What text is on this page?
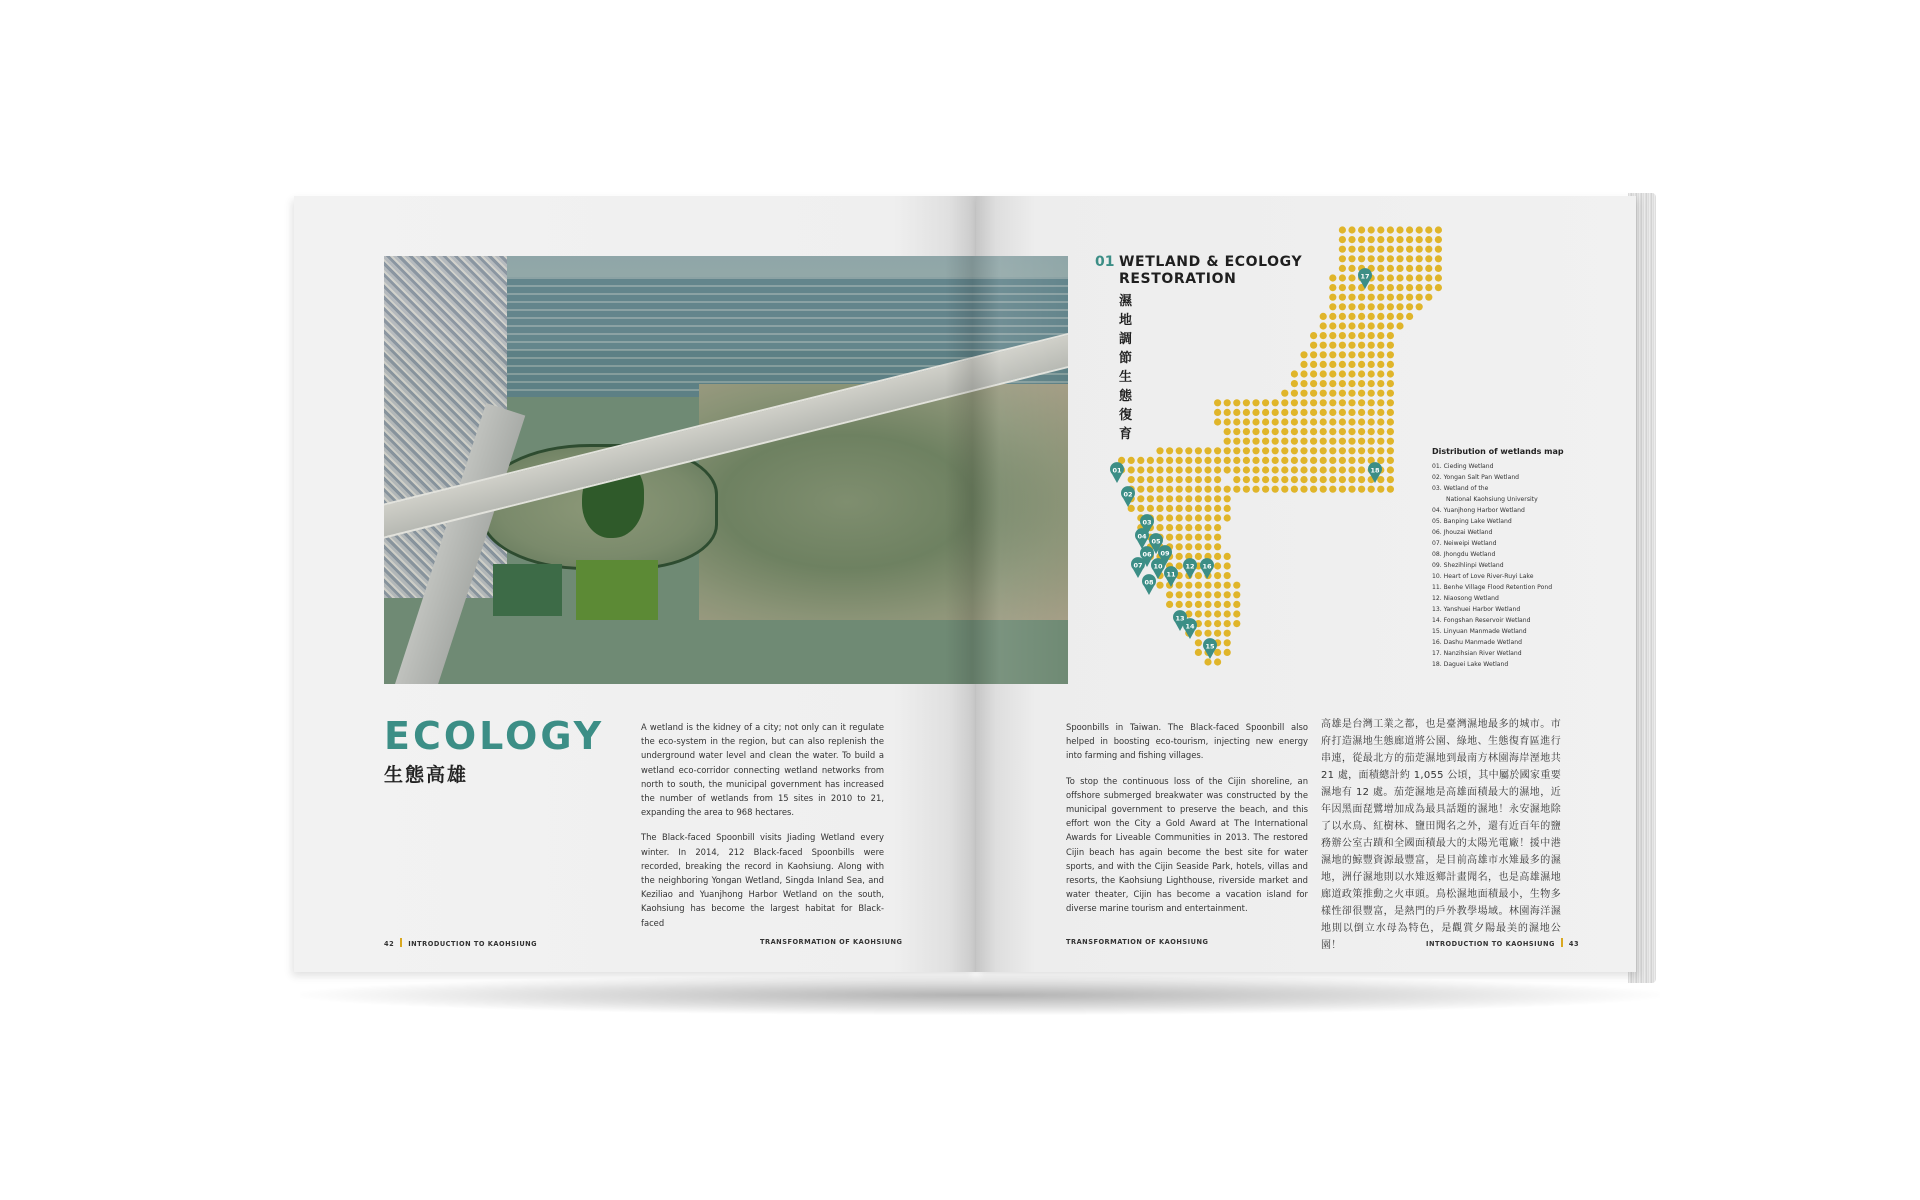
ECOLOGY
生態高雄

A wetland is the kidney of a city; not only can it regulate the eco-system in the region, but can also replenish the underground water level and clean the water. To build a wetland eco-corridor connecting wetland networks from north to south, the municipal government has increased the number of wetlands from 15 sites in 2010 to 21, expanding the area to 968 hectares.

The Black-faced Spoonbill visits Jiading Wetland every winter. In 2014, 212 Black-faced Spoonbills were recorded, breaking the record in Kaohsiung. Along with the neighboring Yongan Wetland, Singda Inland Sea, and Keziliao and Yuanjhong Harbor Wetland on the south, Kaohsiung has become the largest habitat for Black-faced

42 INTRODUCTION TO KAOHSIUNG	TRANSFORMATION OF KAOHSIUNG
01 WETLAND & ECOLOGY RESTORATION
濕地調節 生態復育
01
02
03
04
05
06
07
08
09
10
11
12
13
14
15
16
17
18
Distribution of wetlands map
01. Cieding Wetland
02. Yongan Salt Pan Wetland
03. Wetland of the
National Kaohsiung University
04. Yuanjhong Harbor Wetland
05. Banping Lake Wetland
06. Jhouzai Wetland
07. Neiweipi Wetland
08. Jhongdu Wetland
09. Shezihlinpi Wetland
10. Heart of Love River-Ruyi Lake
11. Benhe Village Flood Retention Pond
12. Niaosong Wetland
13. Yanshuei Harbor Wetland
14. Fongshan Reservoir Wetland
15. Linyuan Manmade Wetland
16. Dashu Manmade Wetland
17. Nanzihsian River Wetland
18. Daguei Lake Wetland

Spoonbills in Taiwan. The Black-faced Spoonbill also helped in boosting eco-tourism, injecting new energy into farming and fishing villages.

To stop the continuous loss of the Cijin shoreline, an offshore submerged breakwater was constructed by the municipal government to preserve the beach, and this effort won the City a Gold Award at The International Awards for Liveable Communities in 2013. The restored Cijin beach has again become the best site for water sports, and with the Cijin Seaside Park, hotels, villas and resorts, the Kaohsiung Lighthouse, riverside market and water theater, Cijin has become a vacation island for diverse marine tourism and entertainment.

高雄是台灣工業之都，也是臺灣濕地最多的城市。市府打造濕地生態廊道將公園、綠地、生態復育區進行串連，從最北方的茄萣濕地到最南方林園海岸溼地共 21 處，面積總計約 1,055 公頃，其中屬於國家重要濕地有 12 處。茄萣濕地是高雄面積最大的濕地，近年因黑面琵鷺增加成為最具話題的濕地！永安濕地除了以水鳥、紅樹林、鹽田聞名之外，還有近百年的鹽務辦公室古蹟和全國面積最大的太陽光電廠！援中港濕地的鯨豐資源最豐富，是目前高雄市水雉最多的濕地，洲仔濕地則以水雉返鄉計畫聞名，也是高雄濕地廊道政策推動之火車頭。鳥松濕地面積最小，生物多樣性卻很豐富，是熱門的戶外教學場域。林園海洋濕地則以倒立水母為特色，是觀賞夕陽最美的濕地公園！
TRANSFORMATION OF KAOHSIUNG	INTRODUCTION TO KAOHSIUNG 43
